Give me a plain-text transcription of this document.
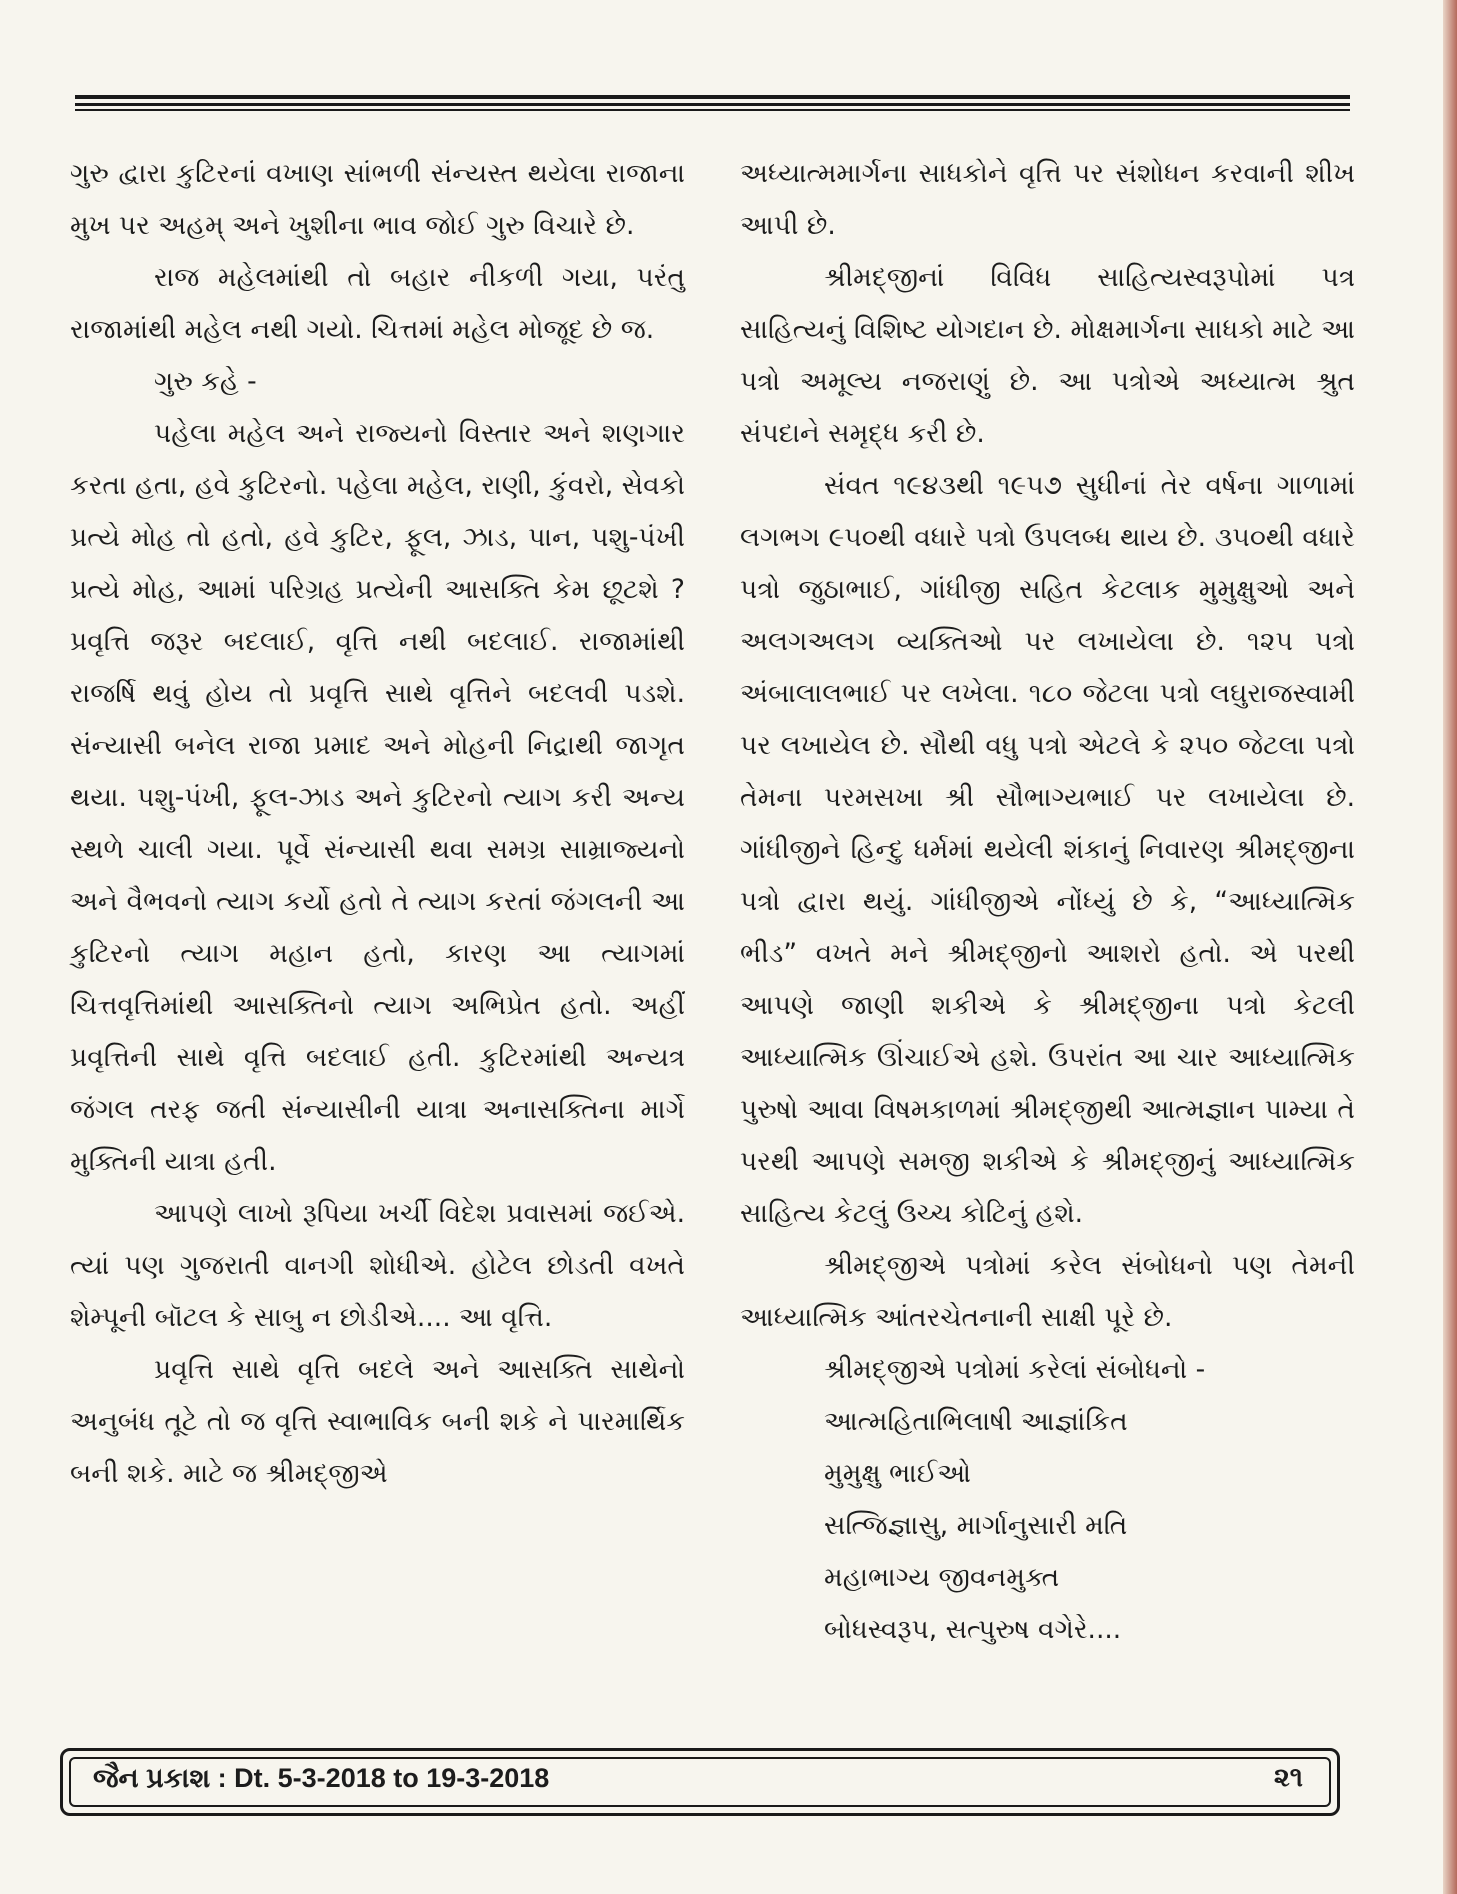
ગુરુ દ્વારા કુટિરનાં વખાણ સાંભળી સંન્યસ્ત થયેલા રાજાના મુખ પર અહમ્ અને ખુશીના ભાવ જોઈ ગુરુ વિચારે છે.

રાજ મહેલમાંથી તો બહાર નીકળી ગયા, પરંતુ રાજામાંથી મહેલ નથી ગયો. ચિત્તમાં મહેલ મોજૂદ છે જ.

ગુરુ કહે -

પહેલા મહેલ અને રાજ્યનો વિસ્તાર અને શણગાર કરતા હતા, હવે કુટિરનો. પહેલા મહેલ, રાણી, કુંવરો, સેવકો પ્રત્યે મોહ તો હતો, હવે કુટિર, ફૂલ, ઝાડ, પાન, પશુ-પંખી પ્રત્યે મોહ, આમાં પરિગ્રહ પ્રત્યેની આસક્તિ કેમ છૂટશે ? પ્રવૃત્તિ જરૂર બદલાઈ, વૃત્તિ નથી બદલાઈ. રાજામાંથી રાજર્ષિ થવું હોય તો પ્રવૃત્તિ સાથે વૃત્તિને બદલવી પડશે. સંન્યાસી બનેલ રાજા પ્રમાદ અને મોહની નિદ્રાથી જાગૃત થયા. પશુ-પંખી, ફૂલ-ઝાડ અને કુટિરનો ત્યાગ કરી અન્ય સ્થળે ચાલી ગયા. પૂર્વે સંન્યાસી થવા સમગ્ર સામ્રાજ્યનો અને વૈભવનો ત્યાગ કર્યો હતો તે ત્યાગ કરતાં જંગલની આ કુટિરનો ત્યાગ મહાન હતો, કારણ આ ત્યાગમાં ચિત્તવૃત્તિમાંથી આસક્તિનો ત્યાગ અભિપ્રેત હતો. અહીં પ્રવૃત્તિની સાથે વૃત્તિ બદલાઈ હતી. કુટિરમાંથી અન્યત્ર જંગલ તરફ જતી સંન્યાસીની યાત્રા અનાસક્તિના માર્ગે મુક્તિની યાત્રા હતી.

આપણે લાખો રૂપિયા ખર્ચી વિદેશ પ્રવાસમાં જઈએ. ત્યાં પણ ગુજરાતી વાનગી શોધીએ. હોટેલ છોડતી વખતે શેમ્પૂની બૉટલ કે સાબુ ન છોડીએ.... આ વૃત્તિ.

પ્રવૃત્તિ સાથે વૃત્તિ બદલે અને આસક્તિ સાથેનો અનુબંધ તૂટે તો જ વૃત્તિ સ્વાભાવિક બની શકે ને પારમાર્થિક બની શકે. માટે જ શ્રીમદ્જીએ

અધ્યાત્મમાર્ગના સાધકોને વૃત્તિ પર સંશોધન કરવાની શીખ આપી છે.

શ્રીમદ્જીનાં વિવિધ સાહિત્યસ્વરૂપોમાં પત્ર સાહિત્યનું વિશિષ્ટ યોગદાન છે. મોક્ષમાર્ગના સાધકો માટે આ પત્રો અમૂલ્ય નજરાણું છે. આ પત્રોએ અધ્યાત્મ શ્રુત સંપદાને સમૃદ્ધ કરી છે.

સંવત ૧૯૪૩થી ૧૯૫૭ સુધીનાં તેર વર્ષના ગાળામાં લગભગ ૯૫૦થી વધારે પત્રો ઉપલબ્ધ થાય છે. ૩૫૦થી વધારે પત્રો જુઠાભાઈ, ગાંધીજી સહિત કેટલાક મુમુક્ષુઓ અને અલગઅલગ વ્યક્તિઓ પર લખાયેલા છે. ૧૨૫ પત્રો અંબાલાલભાઈ પર લખેલા. ૧૮૦ જેટલા પત્રો લઘુરાજસ્વામી પર લખાયેલ છે. સૌથી વધુ પત્રો એટલે કે ૨૫૦ જેટલા પત્રો તેમના પરમસખા શ્રી સૌભાગ્યભાઈ પર લખાયેલા છે. ગાંધીજીને હિન્દુ ધર્મમાં થયેલી શંકાનું નિવારણ શ્રીમદ્જીના પત્રો દ્વારા થયું. ગાંધીજીએ નોંધ્યું છે કે, “આધ્યાત્મિક ભીડ” વખતે મને શ્રીમદ્જીનો આશરો હતો. એ પરથી આપણે જાણી શકીએ કે શ્રીમદ્જીના પત્રો કેટલી આધ્યાત્મિક ઊંચાઈએ હશે. ઉપરાંત આ ચાર આધ્યાત્મિક પુરુષો આવા વિષમકાળમાં શ્રીમદ્જીથી આત્મજ્ઞાન પામ્યા તે પરથી આપણે સમજી શકીએ કે શ્રીમદ્જીનું આધ્યાત્મિક સાહિત્ય કેટલું ઉચ્ચ કોટિનું હશે.

શ્રીમદ્જીએ પત્રોમાં કરેલ સંબોધનો પણ તેમની આધ્યાત્મિક આંતરચેતનાની સાક્ષી પૂરે છે.

શ્રીમદ્જીએ પત્રોમાં કરેલાં સંબોધનો -

આત્મહિતાભિલાષી આજ્ઞાંકિત

મુમુક્ષુ ભાઈઓ

સત્જિજ્ઞાસુ, માર્ગાનુસારી મતિ

મહાભાગ્ય જીવનમુક્ત

બોધસ્વરૂપ, સત્પુરુષ વગેરે....

જૈન પ્રકાશ : Dt. 5-3-2018 to 19-3-2018	૨૧
